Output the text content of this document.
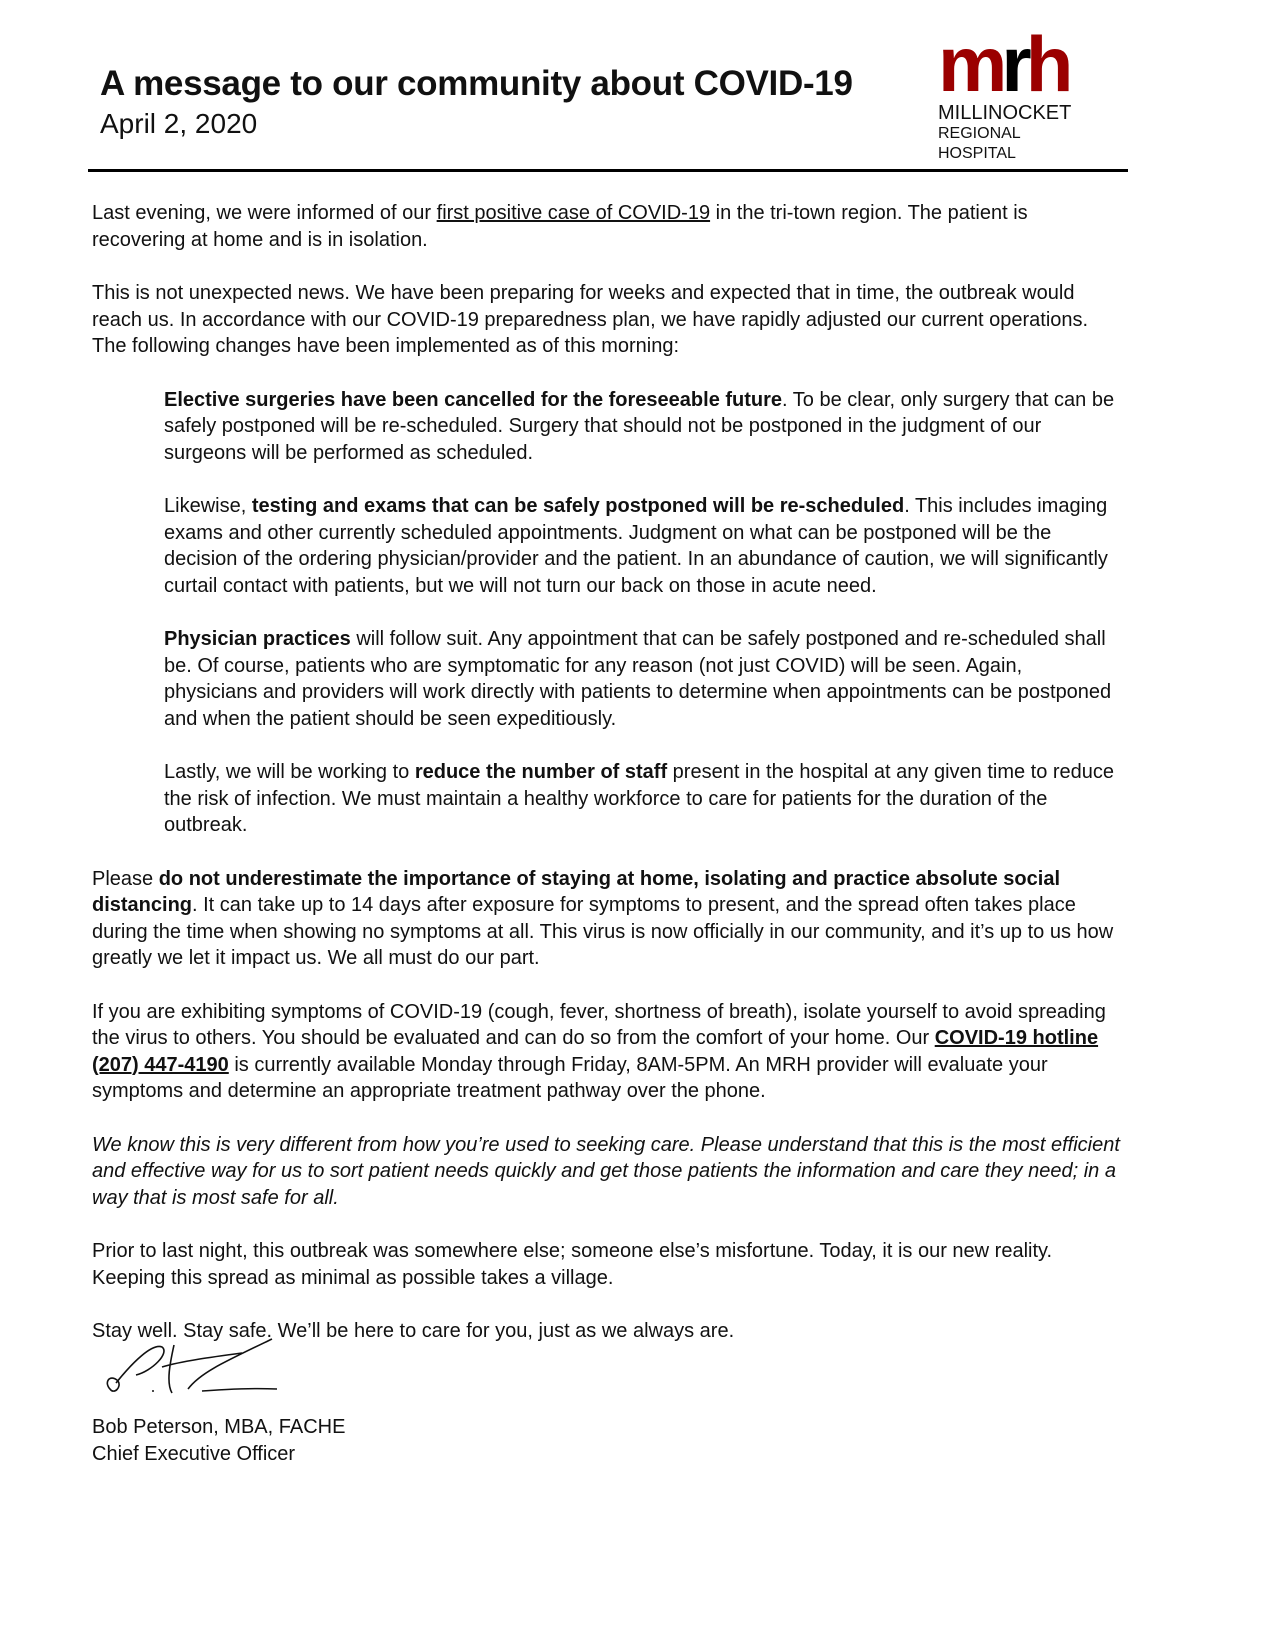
A message to our community about COVID-19
April 2, 2020
mrh
MILLINOCKET
REGIONAL HOSPITAL

Last evening, we were informed of our first positive case of COVID-19 in the tri-town region. The patient is recovering at home and is in isolation.

This is not unexpected news. We have been preparing for weeks and expected that in time, the outbreak would reach us. In accordance with our COVID-19 preparedness plan, we have rapidly adjusted our current operations. The following changes have been implemented as of this morning:

Elective surgeries have been cancelled for the foreseeable future. To be clear, only surgery that can be safely postponed will be re-scheduled. Surgery that should not be postponed in the judgment of our surgeons will be performed as scheduled.

Likewise, testing and exams that can be safely postponed will be re-scheduled. This includes imaging exams and other currently scheduled appointments. Judgment on what can be postponed will be the decision of the ordering physician/provider and the patient. In an abundance of caution, we will significantly curtail contact with patients, but we will not turn our back on those in acute need.

Physician practices will follow suit. Any appointment that can be safely postponed and re-scheduled shall be. Of course, patients who are symptomatic for any reason (not just COVID) will be seen. Again, physicians and providers will work directly with patients to determine when appointments can be postponed and when the patient should be seen expeditiously.

Lastly, we will be working to reduce the number of staff present in the hospital at any given time to reduce the risk of infection. We must maintain a healthy workforce to care for patients for the duration of the outbreak.

Please do not underestimate the importance of staying at home, isolating and practice absolute social distancing. It can take up to 14 days after exposure for symptoms to present, and the spread often takes place during the time when showing no symptoms at all. This virus is now officially in our community, and it’s up to us how greatly we let it impact us. We all must do our part.

If you are exhibiting symptoms of COVID-19 (cough, fever, shortness of breath), isolate yourself to avoid spreading the virus to others. You should be evaluated and can do so from the comfort of your home. Our COVID-19 hotline (207) 447-4190 is currently available Monday through Friday, 8AM-5PM. An MRH provider will evaluate your symptoms and determine an appropriate treatment pathway over the phone.

We know this is very different from how you’re used to seeking care. Please understand that this is the most efficient and effective way for us to sort patient needs quickly and get those patients the information and care they need; in a way that is most safe for all.

Prior to last night, this outbreak was somewhere else; someone else’s misfortune. Today, it is our new reality. Keeping this spread as minimal as possible takes a village.

Stay well. Stay safe. We’ll be here to care for you, just as we always are.

Bob Peterson, MBA, FACHE

Chief Executive Officer
